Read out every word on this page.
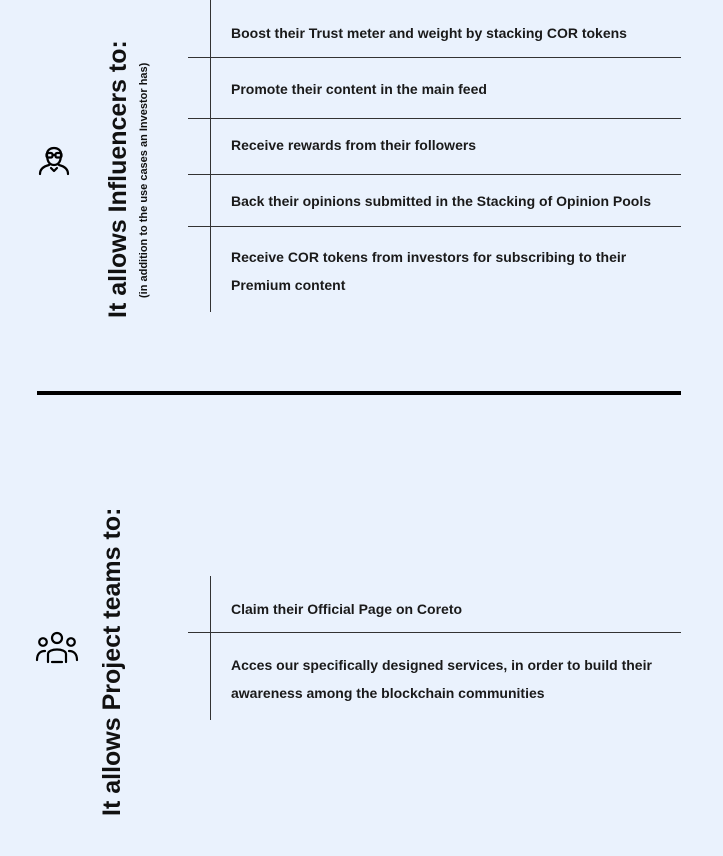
It allows Influencers to: (in addition to the use cases an Investor has)
Boost their Trust meter and weight by stacking COR tokens
Promote their content in the main feed
Receive rewards from their followers
Back their opinions submitted in the Stacking of Opinion Pools
Receive COR tokens from investors for subscribing to their Premium content
It allows Project teams to:	Claim their Official Page on Coreto
Acces our specifically designed services, in order to build their awareness among the blockchain communities
